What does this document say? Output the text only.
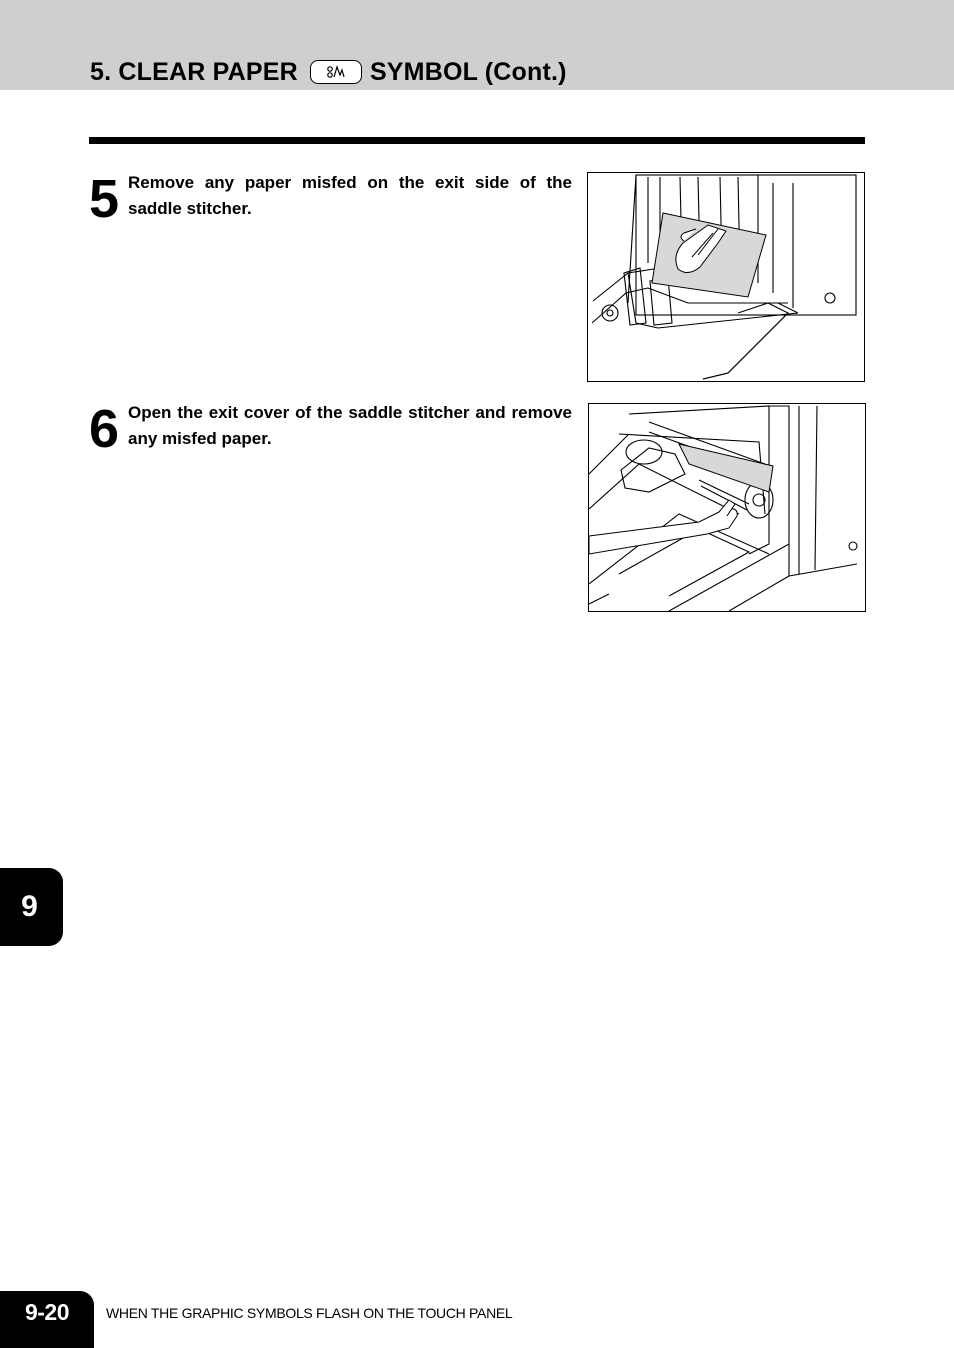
5. CLEAR PAPER	SYMBOL (Cont.)
5 Remove any paper misfed on the exit side of the saddle stitcher.
6 Open the exit cover of the saddle stitcher and remove any misfed paper.
9
9-20	WHEN THE GRAPHIC SYMBOLS FLASH ON THE TOUCH PANEL
